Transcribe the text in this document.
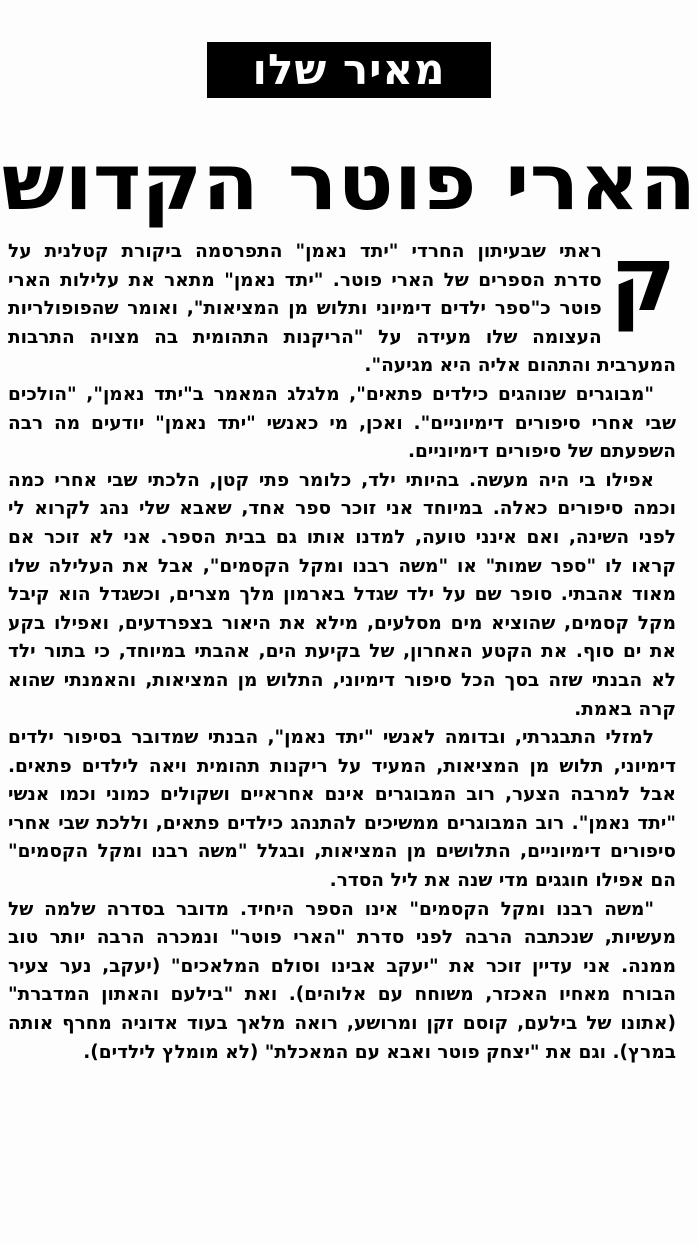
מאיר שלו
הארי פוטר הקדוש

ק
ראתי שבעיתון החרדי "יתד נאמן" התפרסמה ביקורת קטלנית על סדרת הספרים של הארי פוטר. "יתד נאמן" מתאר את עלילות הארי פוטר כ"ספר ילדים דימיוני ותלוש מן המציאות", ואומר שהפופולריות העצומה שלו מעידה על "הריקנות התהומית בה מצויה התרבות המערבית והתהום אליה היא מגיעה".

"מבוגרים שנוהגים כילדים פתאים", מלגלג המאמר ב"יתד נאמן", "הולכים שבי אחרי סיפורים דימיוניים". ואכן, מי כאנשי "יתד נאמן" יודעים מה רבה השפעתם של סיפורים דימיוניים.

אפילו בי היה מעשה. בהיותי ילד, כלומר פתי קטן, הלכתי שבי אחרי כמה וכמה סיפורים כאלה. במיוחד אני זוכר ספר אחד, שאבא שלי נהג לקרוא לי לפני השינה, ואם אינני טועה, למדנו אותו גם בבית הספר. אני לא זוכר אם קראו לו "ספר שמות" או "משה רבנו ומקל הקסמים", אבל את העלילה שלו מאוד אהבתי. סופר שם על ילד שגדל בארמון מלך מצרים, וכשגדל הוא קיבל מקל קסמים, שהוציא מים מסלעים, מילא את היאור בצפרדעים, ואפילו בקע את ים סוף. את הקטע האחרון, של בקיעת הים, אהבתי במיוחד, כי בתור ילד לא הבנתי שזה בסך הכל סיפור דימיוני, התלוש מן המציאות, והאמנתי שהוא קרה באמת.

למזלי התבגרתי, ובדומה לאנשי "יתד נאמן", הבנתי שמדובר בסיפור ילדים דימיוני, תלוש מן המציאות, המעיד על ריקנות תהומית ויאה לילדים פתאים. אבל למרבה הצער, רוב המבוגרים אינם אחראיים ושקולים כמוני וכמו אנשי "יתד נאמן". רוב המבוגרים ממשיכים להתנהג כילדים פתאים, וללכת שבי אחרי סיפורים דימיוניים, התלושים מן המציאות, ובגלל "משה רבנו ומקל הקסמים" הם אפילו חוגגים מדי שנה את ליל הסדר.

"משה רבנו ומקל הקסמים" אינו הספר היחיד. מדובר בסדרה שלמה של מעשיות, שנכתבה הרבה לפני סדרת "הארי פוטר" ונמכרה הרבה יותר טוב ממנה. אני עדיין זוכר את "יעקב אבינו וסולם המלאכים" (יעקב, נער צעיר הבורח מאחיו האכזר, משוחח עם אלוהים). ואת "בילעם והאתון המדברת" (אתונו של בילעם, קוסם זקן ומרושע, רואה מלאך בעוד אדוניה מחרף אותה במרץ). וגם את "יצחק פוטר ואבא עם המאכלת" (לא מומלץ לילדים).
